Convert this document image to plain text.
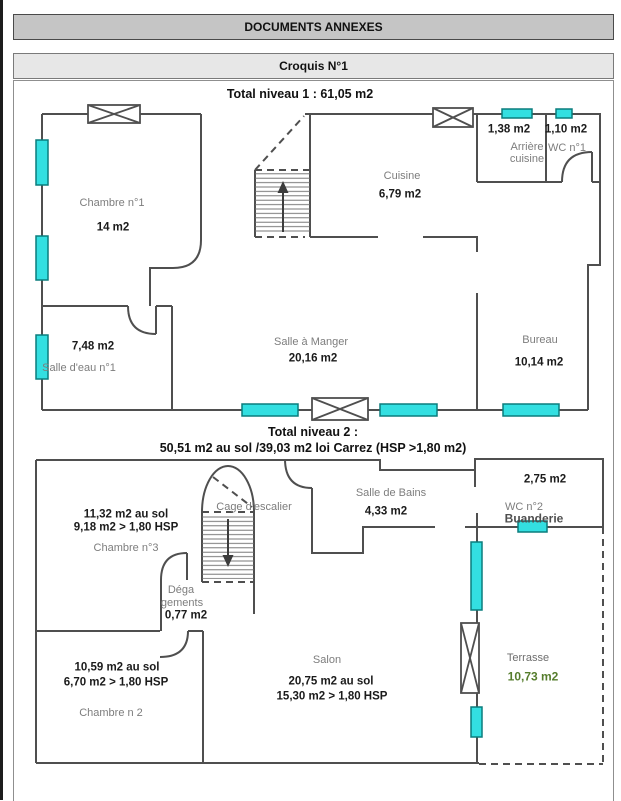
DOCUMENTS ANNEXES
Croquis N°1
Total niveau 1 : 61,05 m2
Chambre n°1
14 m2
Cuisine
6,79 m2
1,38 m2
Arrière cuisine
1,10 m2
WC n°1
7,48 m2
Salle d'eau n°1
Salle à Manger
20,16 m2
Bureau
10,14 m2
Total niveau 2 :
50,51 m2 au sol /39,03 m2 loi Carrez (HSP >1,80 m2)
11,32 m2 au sol
9,18 m2 > 1,80 HSP
Chambre n°3
Cage d'escalier
Salle de Bains
4,33 m2
2,75 m2
WC n°2
Buanderie
Déga
gements
0,77 m2
10,59 m2 au sol
6,70 m2 > 1,80 HSP
Chambre n 2
Salon
20,75 m2 au sol
15,30 m2 > 1,80 HSP
Terrasse
10,73 m2
